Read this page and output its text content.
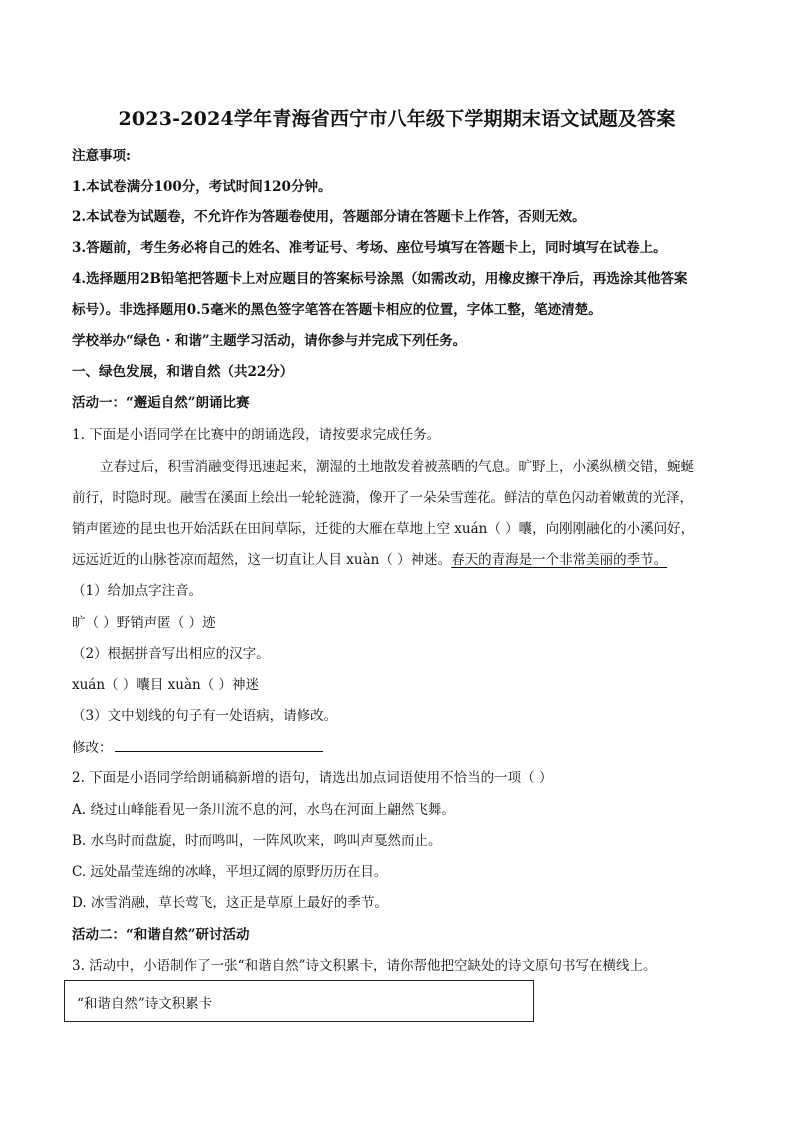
2023-2024学年青海省西宁市八年级下学期期末语文试题及答案
注意事项:
1.本试卷满分100分，考试时间120分钟。
2.本试卷为试题卷，不允许作为答题卷使用，答题部分请在答题卡上作答，否则无效。
3.答题前，考生务必将自己的姓名、准考证号、考场、座位号填写在答题卡上，同时填写在试卷上。
4.选择题用2B铅笔把答题卡上对应题目的答案标号涂黑（如需改动，用橡皮擦干净后，再选涂其他答案
标号）。非选择题用0.5毫米的黑色签字笔答在答题卡相应的位置，字体工整，笔迹清楚。
学校举办“绿色 · 和谐”主题学习活动，请你参与并完成下列任务。
一、绿色发展，和谐自然（共22分）
活动一：“邂逅自然”朗诵比赛
1. 下面是小语同学在比赛中的朗诵选段，请按要求完成任务。
立春过后，积雪消融变得迅速起来，潮湿的土地散发着被蒸晒的气息。旷野上，小溪纵横交错，蜿蜒
前行，时隐时现。融雪在溪面上绘出一轮轮涟漪，像开了一朵朵雪莲花。鲜洁的草色闪动着嫩黄的光泽，
销声匿迹的昆虫也开始活跃在田间草际，迁徙的大雁在草地上空 xuán（ ）囔，向刚刚融化的小溪问好，
远远近近的山脉苍凉而超然，这一切直让人目 xuàn（ ）神迷。春天的青海是一个非常美丽的季节。
（1）给加点字注音。
旷（ ）野销声匿（ ）迹
（2）根据拼音写出相应的汉字。
xuán（ ）囔目 xuàn（ ）神迷
（3）文中划线的句子有一处语病，请修改。
修改：
2. 下面是小语同学给朗诵稿新增的语句，请选出加点词语使用不恰当的一项（ ）
A. 绕过山峰能看见一条川流不息的河，水鸟在河面上翩然飞舞。
B. 水鸟时而盘旋，时而鸣叫，一阵风吹来，鸣叫声戛然而止。
C. 远处晶莹连绵的冰峰，平坦辽阔的原野历历在目。
D. 冰雪消融，草长莺飞，这正是草原上最好的季节。
活动二：“和谐自然”研讨活动
3. 活动中，小语制作了一张“和谐自然”诗文积累卡，请你帮他把空缺处的诗文原句书写在横线上。
“和谐自然”诗文积累卡
